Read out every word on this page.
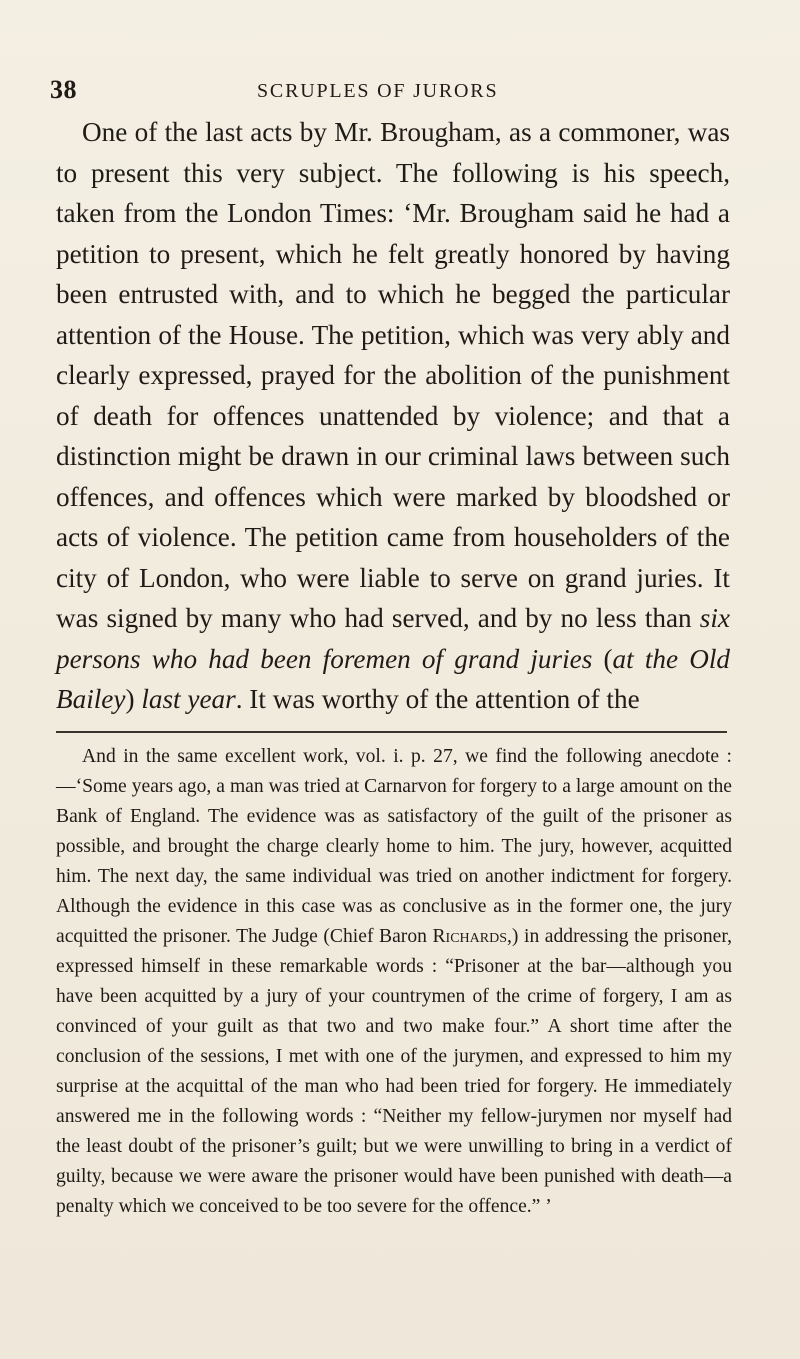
38	SCRUPLES OF JURORS

One of the last acts by Mr. Brougham, as a commoner, was to present this very subject. The following is his speech, taken from the London Times: ‘Mr. Brougham said he had a petition to present, which he felt greatly honored by having been entrusted with, and to which he begged the particular attention of the House. The petition, which was very ably and clearly expressed, prayed for the abolition of the punishment of death for offences unattended by violence; and that a distinction might be drawn in our criminal laws between such offences, and offences which were marked by bloodshed or acts of violence. The petition came from householders of the city of London, who were liable to serve on grand juries. It was signed by many who had served, and by no less than six persons who had been foremen of grand juries (at the Old Bailey) last year. It was worthy of the attention of the

And in the same excellent work, vol. i. p. 27, we find the following anecdote :—‘Some years ago, a man was tried at Carnarvon for forgery to a large amount on the Bank of England. The evidence was as satisfactory of the guilt of the prisoner as possible, and brought the charge clearly home to him. The jury, however, acquitted him. The next day, the same individual was tried on another indictment for forgery. Although the evidence in this case was as conclusive as in the former one, the jury acquitted the prisoner. The Judge (Chief Baron Richards,) in addressing the prisoner, expressed himself in these remarkable words : “Prisoner at the bar—although you have been acquitted by a jury of your countrymen of the crime of forgery, I am as convinced of your guilt as that two and two make four.” A short time after the conclusion of the sessions, I met with one of the jurymen, and expressed to him my surprise at the acquittal of the man who had been tried for forgery. He immediately answered me in the following words : “Neither my fellow-jurymen nor myself had the least doubt of the prisoner’s guilt; but we were unwilling to bring in a verdict of guilty, because we were aware the prisoner would have been punished with death—a penalty which we conceived to be too severe for the offence.” ’
